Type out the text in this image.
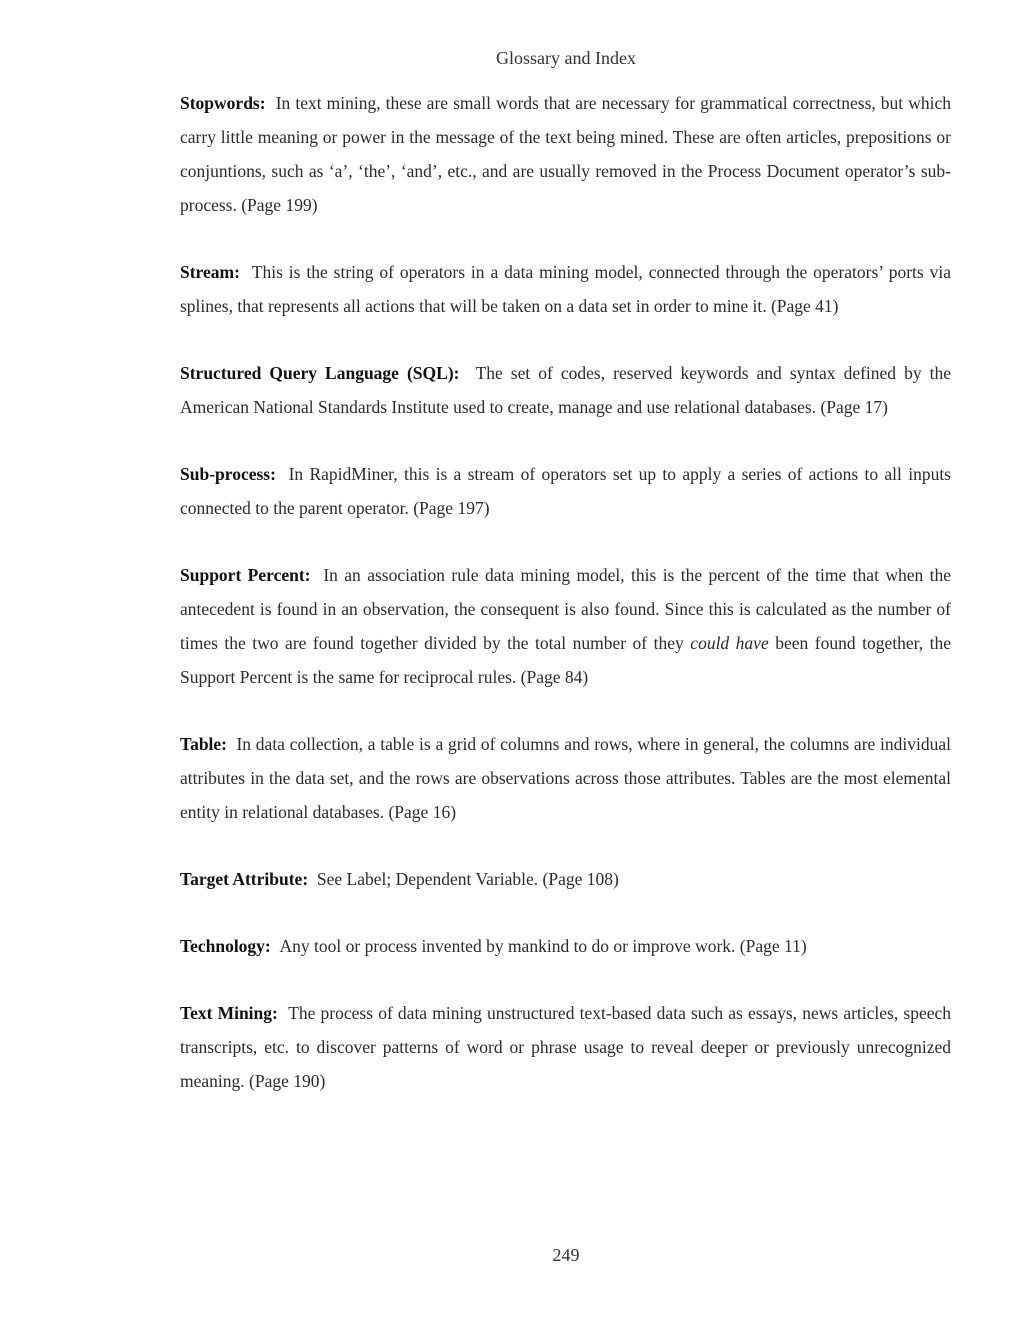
Glossary and Index

Stopwords: In text mining, these are small words that are necessary for grammatical correctness, but which carry little meaning or power in the message of the text being mined. These are often articles, prepositions or conjuntions, such as ‘a’, ‘the’, ‘and’, etc., and are usually removed in the Process Document operator’s sub-process. (Page 199)

Stream: This is the string of operators in a data mining model, connected through the operators’ ports via splines, that represents all actions that will be taken on a data set in order to mine it. (Page 41)

Structured Query Language (SQL): The set of codes, reserved keywords and syntax defined by the American National Standards Institute used to create, manage and use relational databases. (Page 17)

Sub-process: In RapidMiner, this is a stream of operators set up to apply a series of actions to all inputs connected to the parent operator. (Page 197)

Support Percent: In an association rule data mining model, this is the percent of the time that when the antecedent is found in an observation, the consequent is also found. Since this is calculated as the number of times the two are found together divided by the total number of they could have been found together, the Support Percent is the same for reciprocal rules. (Page 84)

Table: In data collection, a table is a grid of columns and rows, where in general, the columns are individual attributes in the data set, and the rows are observations across those attributes. Tables are the most elemental entity in relational databases. (Page 16)

Target Attribute: See Label; Dependent Variable. (Page 108)

Technology: Any tool or process invented by mankind to do or improve work. (Page 11)

Text Mining: The process of data mining unstructured text-based data such as essays, news articles, speech transcripts, etc. to discover patterns of word or phrase usage to reveal deeper or previously unrecognized meaning. (Page 190)

249
